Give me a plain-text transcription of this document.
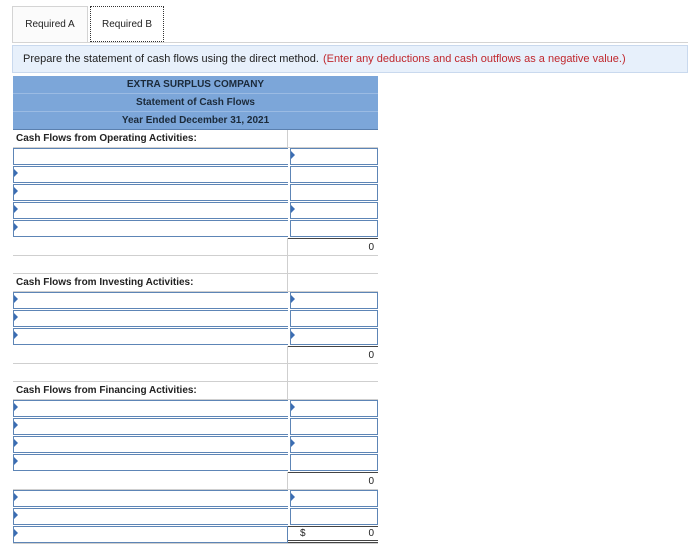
Required A	Required B
Prepare the statement of cash flows using the direct method. (Enter any deductions and cash outflows as a negative value.)
EXTRA SURPLUS COMPANY
Statement of Cash Flows
Year Ended December 31, 2021
Cash Flows from Operating Activities:
0
Cash Flows from Investing Activities:
0
Cash Flows from Financing Activities:
0
$	0
